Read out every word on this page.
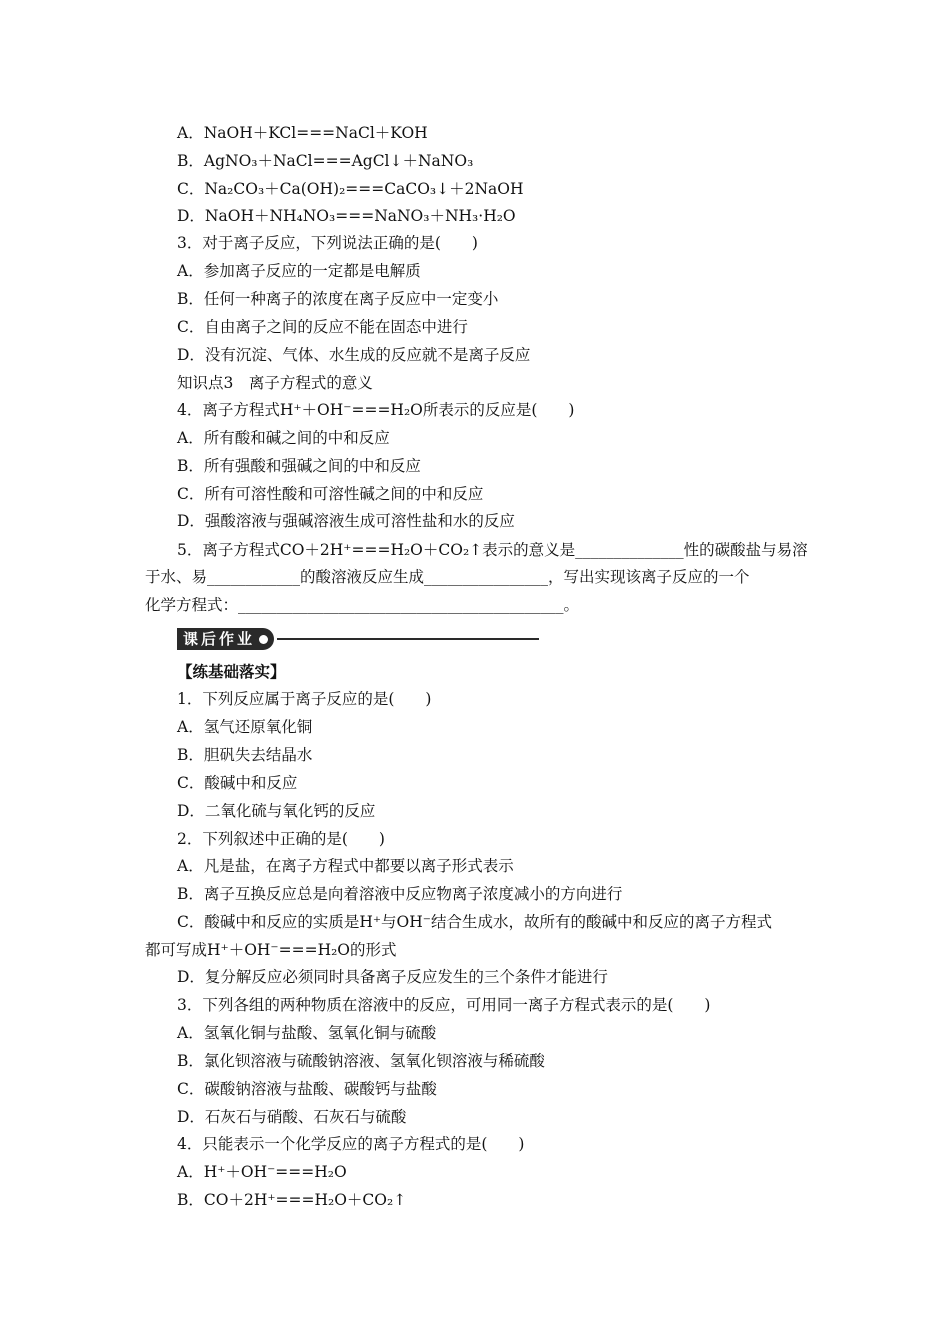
A．NaOH＋KCl===NaCl＋KOH
B．AgNO₃＋NaCl===AgCl↓＋NaNO₃
C．Na₂CO₃＋Ca(OH)₂===CaCO₃↓＋2NaOH
D．NaOH＋NH₄NO₃===NaNO₃＋NH₃·H₂O
3．对于离子反应，下列说法正确的是(　　)
A．参加离子反应的一定都是电解质
B．任何一种离子的浓度在离子反应中一定变小
C．自由离子之间的反应不能在固态中进行
D．没有沉淀、气体、水生成的反应就不是离子反应
知识点3　离子方程式的意义
4．离子方程式H⁺＋OH⁻===H₂O所表示的反应是(　　)
A．所有酸和碱之间的中和反应
B．所有强酸和强碱之间的中和反应
C．所有可溶性酸和可溶性碱之间的中和反应
D．强酸溶液与强碱溶液生成可溶性盐和水的反应
5．离子方程式CO＋2H⁺===H₂O＋CO₂↑表示的意义是______________性的碳酸盐与易溶
于水、易____________的酸溶液反应生成________________，写出实现该离子反应的一个
化学方程式：__________________________________________。
课后作业
【练基础落实】
1．下列反应属于离子反应的是(　　)
A．氢气还原氧化铜
B．胆矾失去结晶水
C．酸碱中和反应
D．二氧化硫与氧化钙的反应
2．下列叙述中正确的是(　　)
A．凡是盐，在离子方程式中都要以离子形式表示
B．离子互换反应总是向着溶液中反应物离子浓度减小的方向进行
C．酸碱中和反应的实质是H⁺与OH⁻结合生成水，故所有的酸碱中和反应的离子方程式
都可写成H⁺＋OH⁻===H₂O的形式
D．复分解反应必须同时具备离子反应发生的三个条件才能进行
3．下列各组的两种物质在溶液中的反应，可用同一离子方程式表示的是(　　)
A．氢氧化铜与盐酸、氢氧化铜与硫酸
B．氯化钡溶液与硫酸钠溶液、氢氧化钡溶液与稀硫酸
C．碳酸钠溶液与盐酸、碳酸钙与盐酸
D．石灰石与硝酸、石灰石与硫酸
4．只能表示一个化学反应的离子方程式的是(　　)
A．H⁺＋OH⁻===H₂O
B．CO＋2H⁺===H₂O＋CO₂↑
